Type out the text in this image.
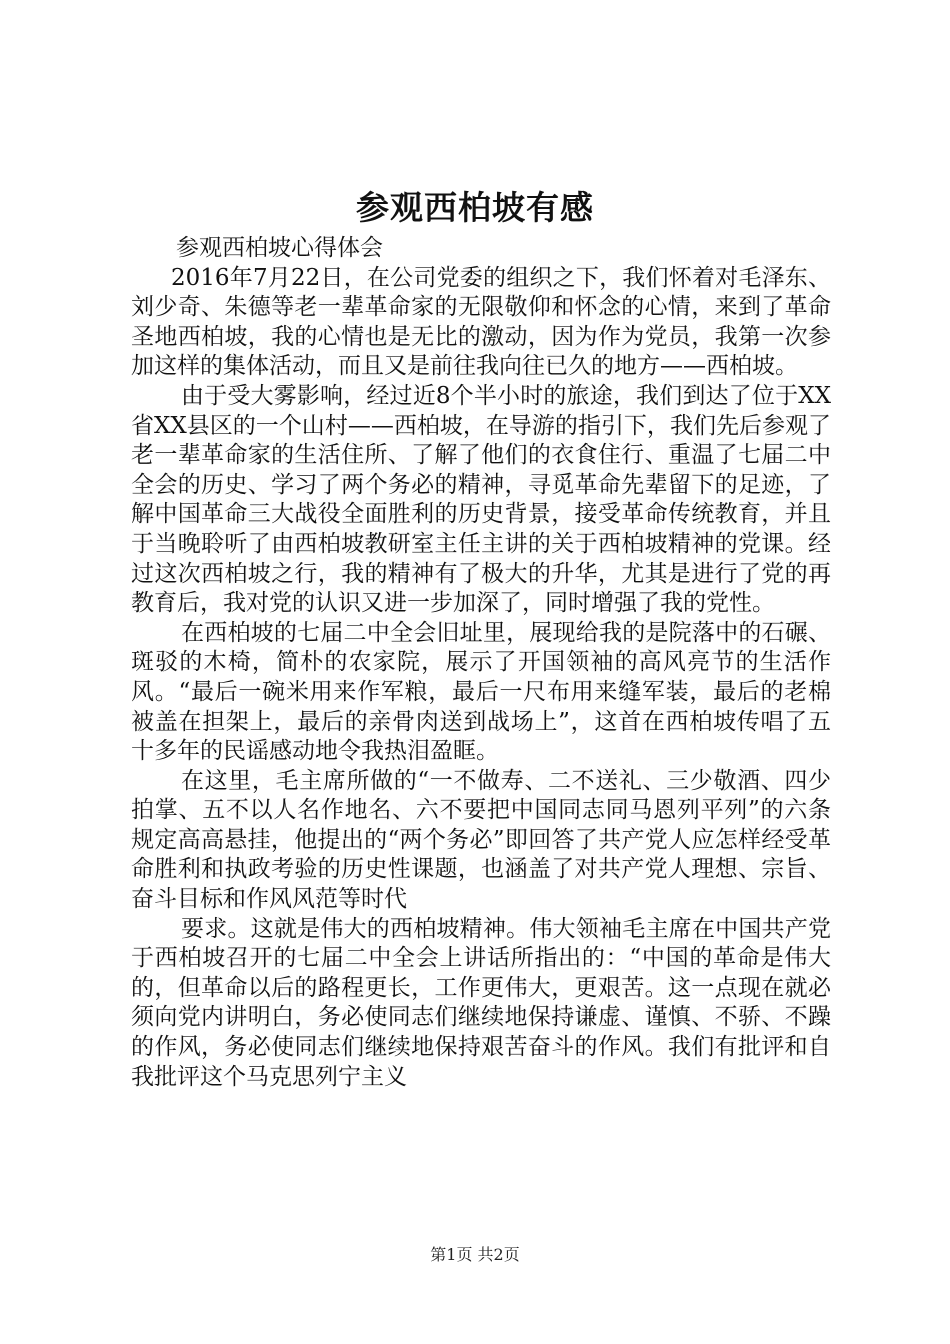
参观西柏坡有感

参观西柏坡心得体会

2016年7月22日，在公司党委的组织之下，我们怀着对毛泽东、刘少奇、朱德等老一辈革命家的无限敬仰和怀念的心情，来到了革命圣地西柏坡，我的心情也是无比的激动，因为作为党员，我第一次参加这样的集体活动，而且又是前往我向往已久的地方——西柏坡。

由于受大雾影响，经过近8个半小时的旅途，我们到达了位于XX省XX县区的一个山村——西柏坡，在导游的指引下，我们先后参观了老一辈革命家的生活住所、了解了他们的衣食住行、重温了七届二中全会的历史、学习了两个务必的精神，寻觅革命先辈留下的足迹，了解中国革命三大战役全面胜利的历史背景，接受革命传统教育，并且于当晚聆听了由西柏坡教研室主任主讲的关于西柏坡精神的党课。经过这次西柏坡之行，我的精神有了极大的升华，尤其是进行了党的再教育后，我对党的认识又进一步加深了，同时增强了我的党性。

在西柏坡的七届二中全会旧址里，展现给我的是院落中的石碾、斑驳的木椅，简朴的农家院，展示了开国领袖的高风亮节的生活作风。“最后一碗米用来作军粮，最后一尺布用来缝军装，最后的老棉被盖在担架上，最后的亲骨肉送到战场上”，这首在西柏坡传唱了五十多年的民谣感动地令我热泪盈眶。

在这里，毛主席所做的“一不做寿、二不送礼、三少敬酒、四少拍掌、五不以人名作地名、六不要把中国同志同马恩列平列”的六条规定高高悬挂，他提出的“两个务必”即回答了共产党人应怎样经受革命胜利和执政考验的历史性课题，也涵盖了对共产党人理想、宗旨、奋斗目标和作风风范等时代

要求。这就是伟大的西柏坡精神。伟大领袖毛主席在中国共产党于西柏坡召开的七届二中全会上讲话所指出的：“中国的革命是伟大的，但革命以后的路程更长，工作更伟大，更艰苦。这一点现在就必须向党内讲明白，务必使同志们继续地保持谦虚、谨慎、不骄、不躁的作风，务必使同志们继续地保持艰苦奋斗的作风。我们有批评和自我批评这个马克思列宁主义

第1页 共2页
